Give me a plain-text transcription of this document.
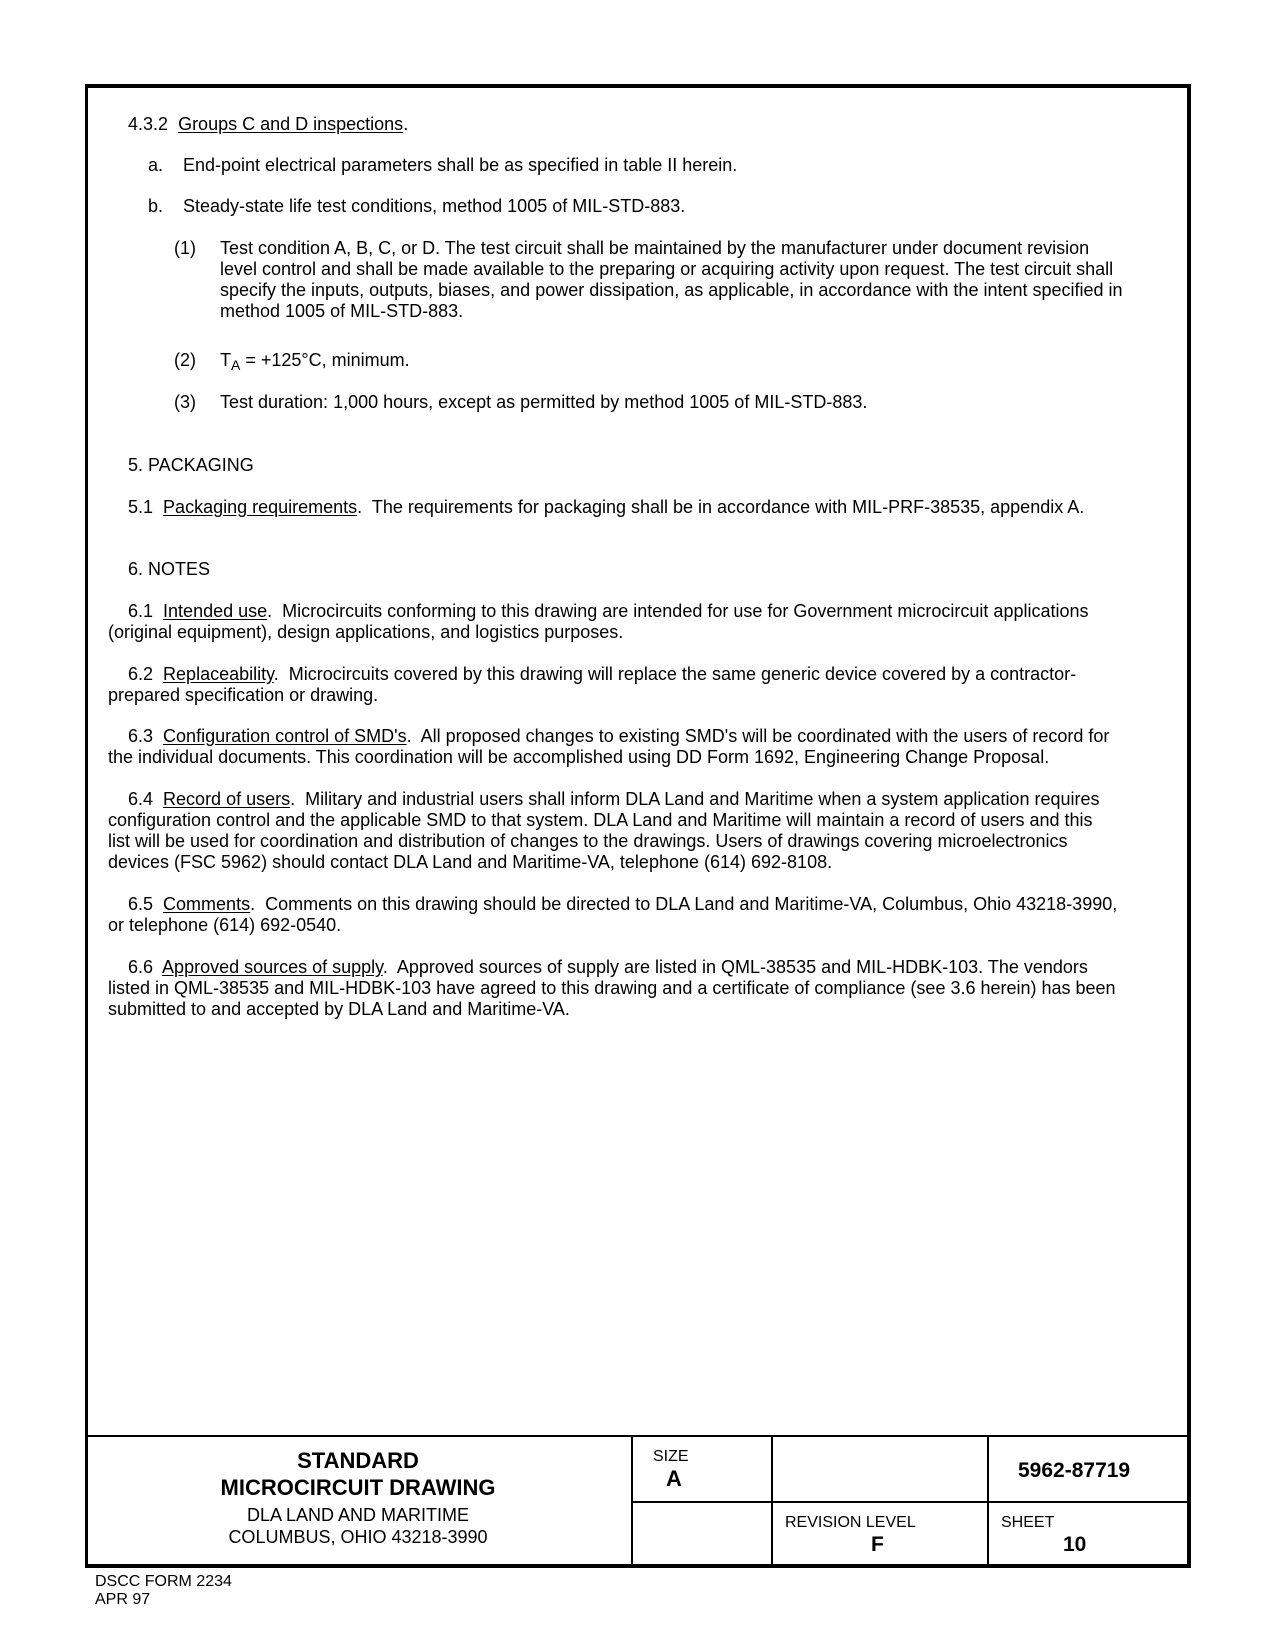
4.3.2 Groups C and D inspections.
a. End-point electrical parameters shall be as specified in table II herein.
b. Steady-state life test conditions, method 1005 of MIL-STD-883.
(1) Test condition A, B, C, or D. The test circuit shall be maintained by the manufacturer under document revision
level control and shall be made available to the preparing or acquiring activity upon request. The test circuit shall
specify the inputs, outputs, biases, and power dissipation, as applicable, in accordance with the intent specified in
method 1005 of MIL-STD-883.
(2) $T_A = +125^\circ C$, minimum.
(3) Test duration: 1,000 hours, except as permitted by method 1005 of MIL-STD-883.
5. PACKAGING
5.1 Packaging requirements.  The requirements for packaging shall be in accordance with MIL-PRF-38535, appendix A.
6. NOTES
6.1 Intended use.  Microcircuits conforming to this drawing are intended for use for Government microcircuit applications
(original equipment), design applications, and logistics purposes.
6.2 Replaceability.  Microcircuits covered by this drawing will replace the same generic device covered by a contractor-
prepared specification or drawing.
6.3 Configuration control of SMD's.  All proposed changes to existing SMD's will be coordinated with the users of record for
the individual documents. This coordination will be accomplished using DD Form 1692, Engineering Change Proposal.
6.4 Record of users.  Military and industrial users shall inform DLA Land and Maritime when a system application requires
configuration control and the applicable SMD to that system. DLA Land and Maritime will maintain a record of users and this
list will be used for coordination and distribution of changes to the drawings. Users of drawings covering microelectronics
devices (FSC 5962) should contact DLA Land and Maritime-VA, telephone (614) 692-8108.
6.5 Comments.  Comments on this drawing should be directed to DLA Land and Maritime-VA, Columbus, Ohio 43218-3990,
or telephone (614) 692-0540.
6.6 Approved sources of supply.  Approved sources of supply are listed in QML-38535 and MIL-HDBK-103. The vendors
listed in QML-38535 and MIL-HDBK-103 have agreed to this drawing and a certificate of compliance (see 3.6 herein) has been
submitted to and accepted by DLA Land and Maritime-VA.
STANDARD
MICROCIRCUIT DRAWING
DLA LAND AND MARITIME
COLUMBUS, OHIO 43218-3990
SIZE
A	5962-87719
REVISION LEVEL
F
SHEET
10
DSCC FORM 2234
APR 97
